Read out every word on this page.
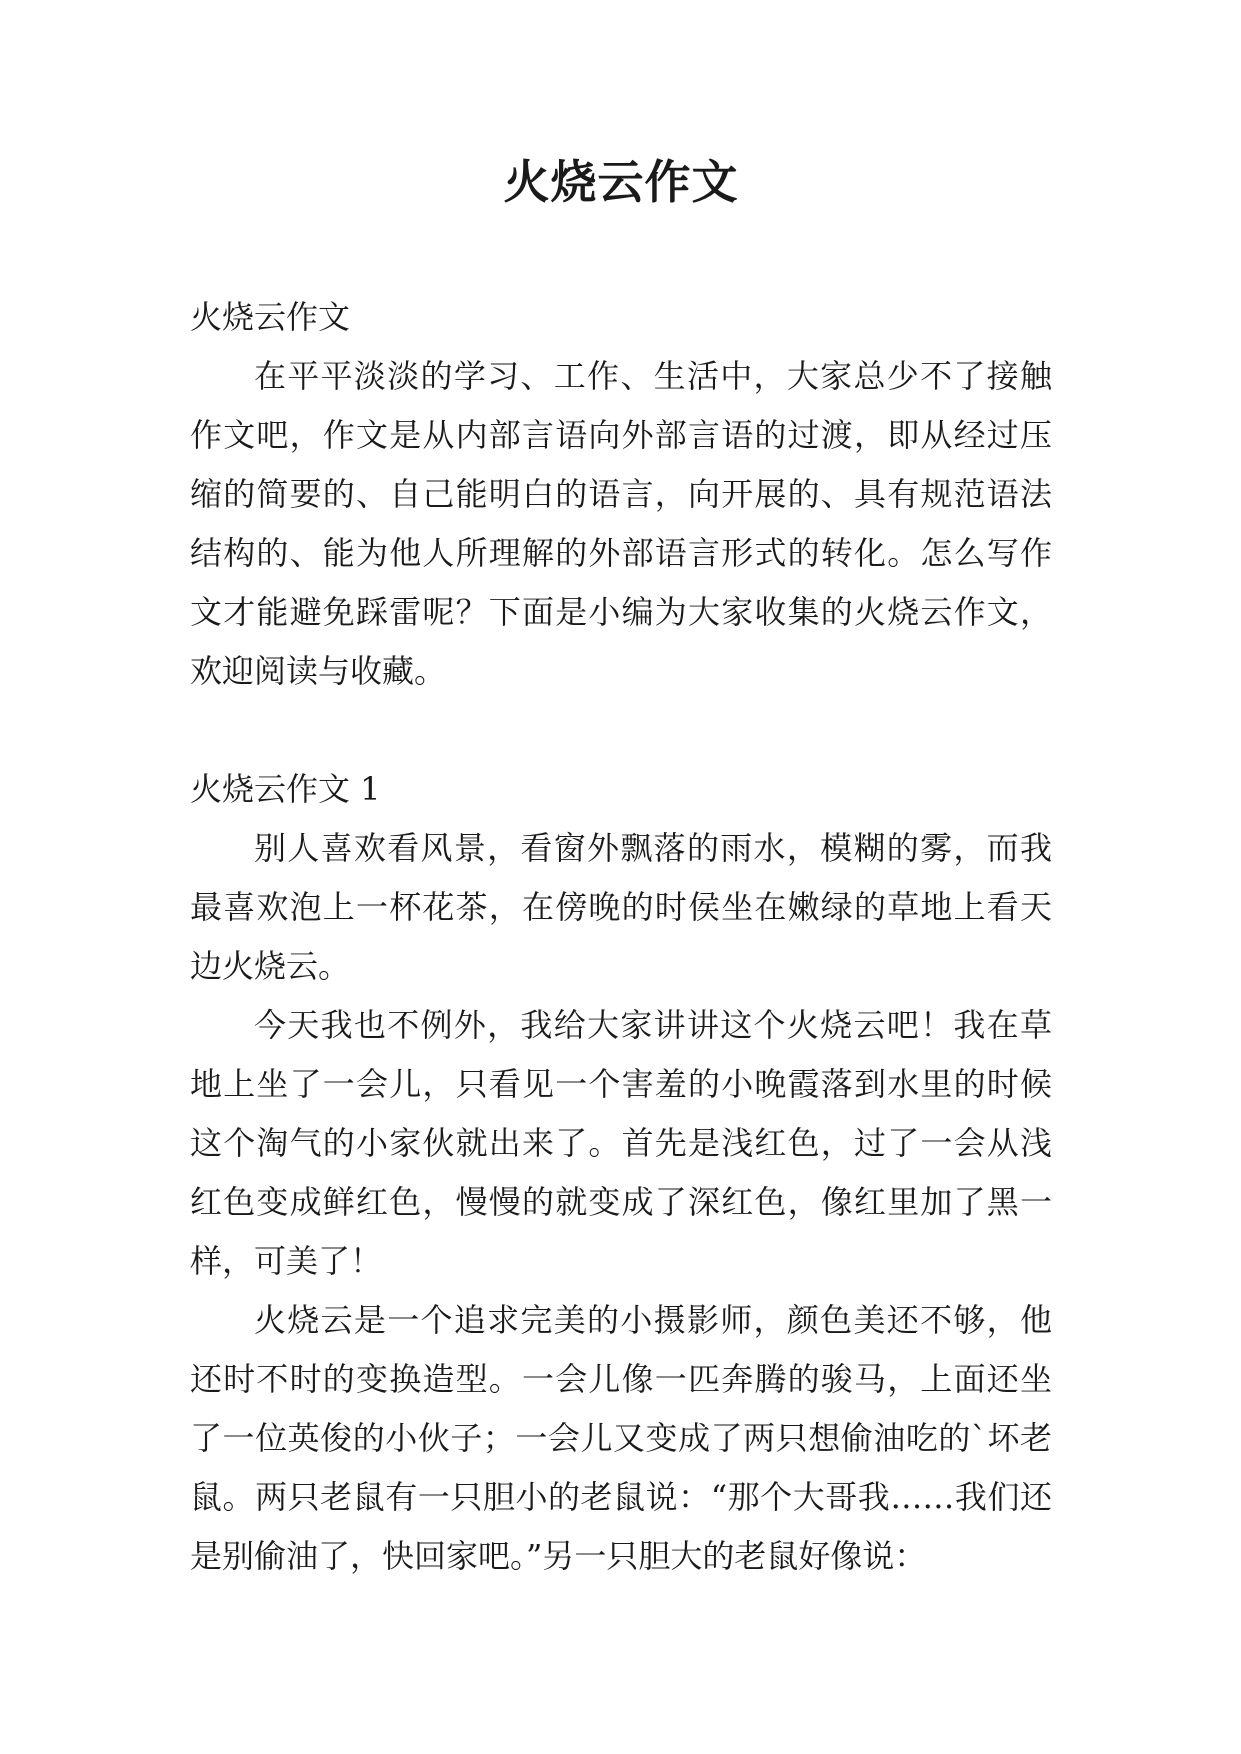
火烧云作文

火烧云作文

在平平淡淡的学习、工作、生活中，大家总少不了接触作文吧，作文是从内部言语向外部言语的过渡，即从经过压缩的简要的、自己能明白的语言，向开展的、具有规范语法结构的、能为他人所理解的外部语言形式的转化。怎么写作文才能避免踩雷呢？下面是小编为大家收集的火烧云作文，欢迎阅读与收藏。

火烧云作文 1

别人喜欢看风景，看窗外飘落的雨水，模糊的雾，而我最喜欢泡上一杯花茶，在傍晚的时侯坐在嫩绿的草地上看天边火烧云。

今天我也不例外，我给大家讲讲这个火烧云吧！我在草地上坐了一会儿，只看见一个害羞的小晚霞落到水里的时候这个淘气的小家伙就出来了。首先是浅红色，过了一会从浅红色变成鲜红色，慢慢的就变成了深红色，像红里加了黑一样，可美了！

火烧云是一个追求完美的小摄影师，颜色美还不够，他还时不时的变换造型。一会儿像一匹奔腾的骏马，上面还坐了一位英俊的小伙子；一会儿又变成了两只想偷油吃的`坏老鼠。两只老鼠有一只胆小的老鼠说：“那个大哥我……我们还是别偷油了，快回家吧。”另一只胆大的老鼠好像说：
